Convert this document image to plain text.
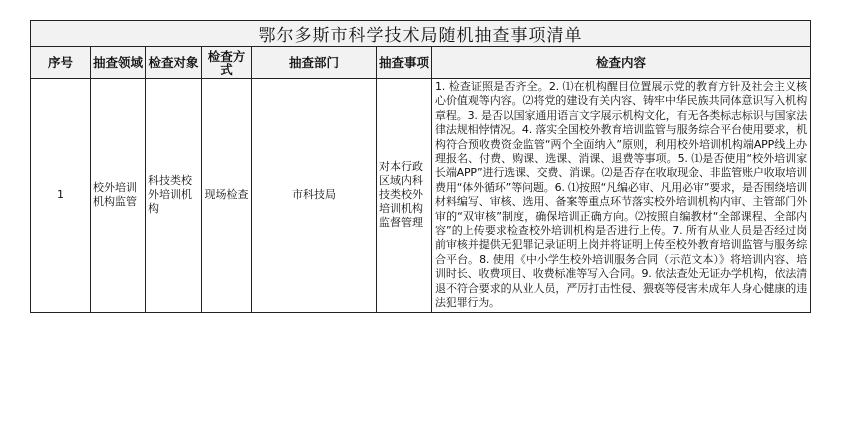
鄂尔多斯市科学技术局随机抽查事项清单						
序号	抽查领域	检查对象	检查方式	抽查部门	抽查事项	检查内容
1	校外培训机构监管	科技类校外培训机构	现场检查	市科技局	对本行政区域内科技类校外培训机构监督管理	1. 检查证照是否齐全。2. ⑴在机构醒目位置展示党的教育方针及社会主义核心价值观等内容。⑵将党的建设有关内容、铸牢中华民族共同体意识写入机构章程。3. 是否以国家通用语言文字展示机构文化，有无各类标志标识与国家法律法规相悖情况。4. 落实全国校外教育培训监管与服务综合平台使用要求，机构符合预收费资金监管“两个全面纳入”原则，利用校外培训机构端APP线上办理报名、付费、购课、选课、消课、退费等事项。5. ⑴是否使用“校外培训家长端APP”进行选课、交费、消课。⑵是否存在收取现金、非监管账户收取培训费用“体外循环”等问题。6. ⑴按照“凡编必审、凡用必审”要求，是否围绕培训材料编写、审核、选用、备案等重点环节落实校外培训机构内审、主管部门外审的“双审核”制度，确保培训正确方向。⑵按照自编教材“全部课程、全部内容”的上传要求检查校外培训机构是否进行上传。7. 所有从业人员是否经过岗前审核并提供无犯罪记录证明上岗并将证明上传至校外教育培训监管与服务综合平台。8. 使用《中小学生校外培训服务合同（示范文本）》将培训内容、培训时长、收费项目、收费标准等写入合同。9. 依法查处无证办学机构，依法清退不符合要求的从业人员，严厉打击性侵、猥亵等侵害未成年人身心健康的违法犯罪行为。
